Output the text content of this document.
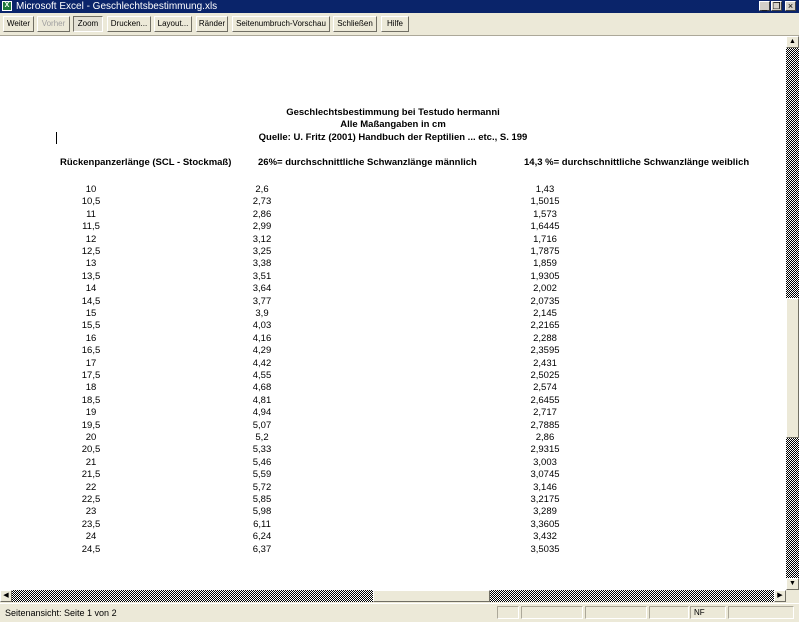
X Microsoft Excel - Geschlechtsbestimmung.xls	_ ❐ ×
Weiter	Vorher	Zoom	Drucken...	Layout...	Ränder	Seitenumbruch-Vorschau	Schließen	Hilfe
Geschlechtsbestimmung bei Testudo hermanni
Alle Maßangaben in cm
Quelle: U. Fritz (2001) Handbuch der Reptilien ... etc., S. 199
Rückenpanzerlänge (SCL - Stockmaß)	26%= durchschnittliche Schwanzlänge männlich	14,3 %= durchschnittliche Schwanzlänge weiblich
10	2,6	1,43
10,5	2,73	1,5015
11	2,86	1,573
11,5	2,99	1,6445
12	3,12	1,716
12,5	3,25	1,7875
13	3,38	1,859
13,5	3,51	1,9305
14	3,64	2,002
14,5	3,77	2,0735
15	3,9	2,145
15,5	4,03	2,2165
16	4,16	2,288
16,5	4,29	2,3595
17	4,42	2,431
17,5	4,55	2,5025
18	4,68	2,574
18,5	4,81	2,6455
19	4,94	2,717
19,5	5,07	2,7885
20	5,2	2,86
20,5	5,33	2,9315
21	5,46	3,003
21,5	5,59	3,0745
22	5,72	3,146
22,5	5,85	3,2175
23	5,98	3,289
23,5	6,11	3,3605
24	6,24	3,432
24,5	6,37	3,5035
▲
▼
◀	▶
Seitenansicht: Seite 1 von 2	NF
